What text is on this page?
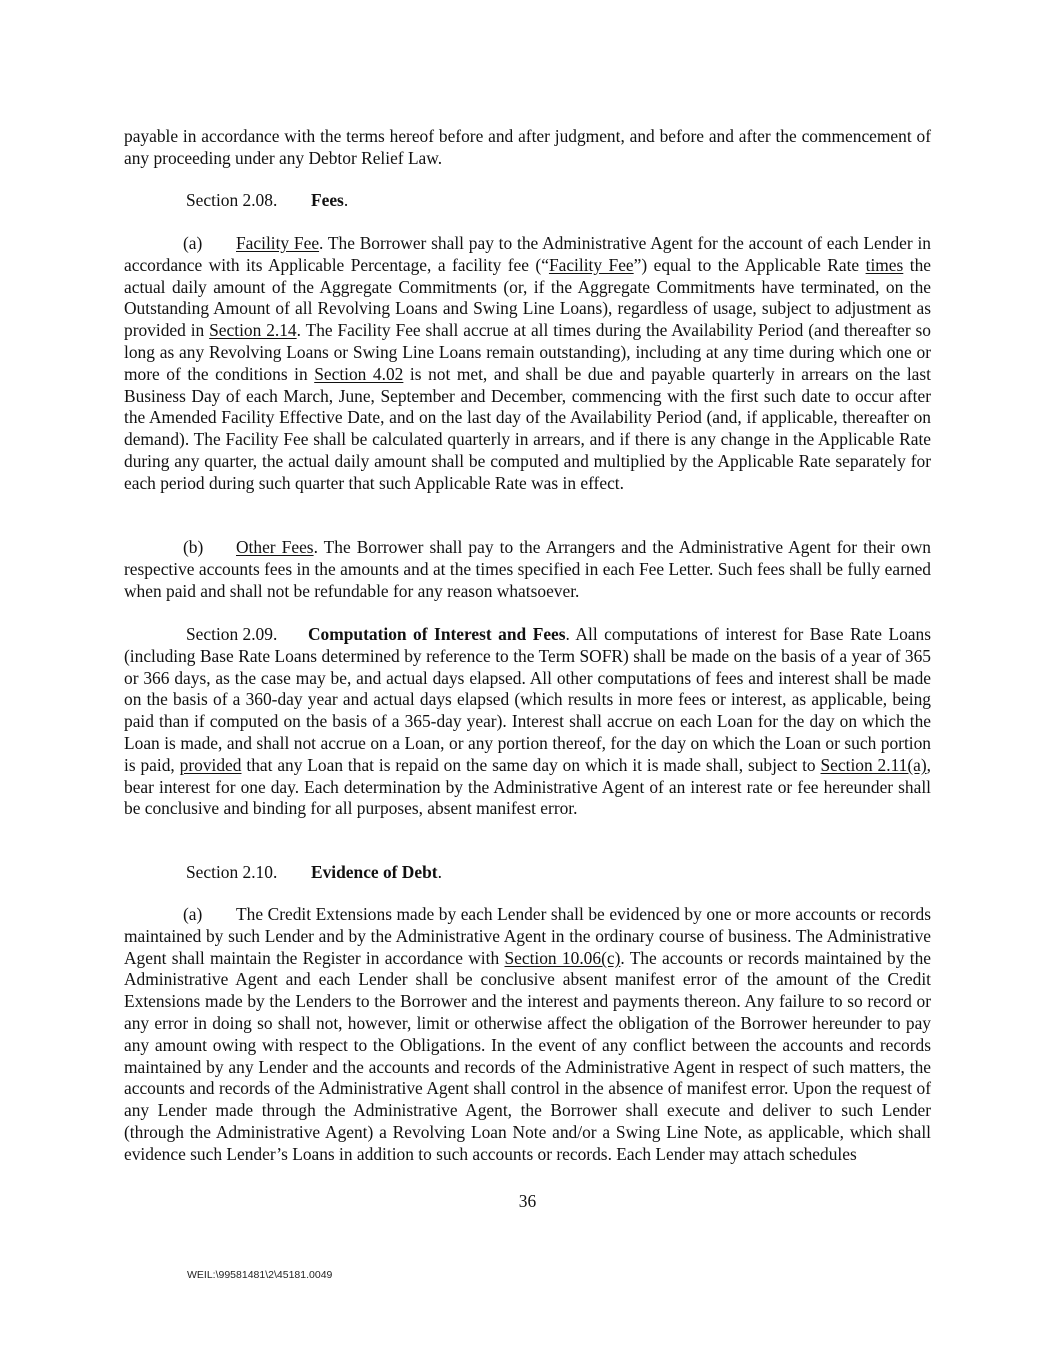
payable in accordance with the terms hereof before and after judgment, and before and after the commencement of any proceeding under any Debtor Relief Law.

Section 2.08. Fees.

(a) Facility Fee. The Borrower shall pay to the Administrative Agent for the account of each Lender in accordance with its Applicable Percentage, a facility fee (“Facility Fee”) equal to the Applicable Rate times the actual daily amount of the Aggregate Commitments (or, if the Aggregate Commitments have terminated, on the Outstanding Amount of all Revolving Loans and Swing Line Loans), regardless of usage, subject to adjustment as provided in Section 2.14. The Facility Fee shall accrue at all times during the Availability Period (and thereafter so long as any Revolving Loans or Swing Line Loans remain outstanding), including at any time during which one or more of the conditions in Section 4.02 is not met, and shall be due and payable quarterly in arrears on the last Business Day of each March, June, September and December, commencing with the first such date to occur after the Amended Facility Effective Date, and on the last day of the Availability Period (and, if applicable, thereafter on demand). The Facility Fee shall be calculated quarterly in arrears, and if there is any change in the Applicable Rate during any quarter, the actual daily amount shall be computed and multiplied by the Applicable Rate separately for each period during such quarter that such Applicable Rate was in effect.

(b) Other Fees. The Borrower shall pay to the Arrangers and the Administrative Agent for their own respective accounts fees in the amounts and at the times specified in each Fee Letter. Such fees shall be fully earned when paid and shall not be refundable for any reason whatsoever.

Section 2.09. Computation of Interest and Fees. All computations of interest for Base Rate Loans (including Base Rate Loans determined by reference to the Term SOFR) shall be made on the basis of a year of 365 or 366 days, as the case may be, and actual days elapsed. All other computations of fees and interest shall be made on the basis of a 360-day year and actual days elapsed (which results in more fees or interest, as applicable, being paid than if computed on the basis of a 365-day year). Interest shall accrue on each Loan for the day on which the Loan is made, and shall not accrue on a Loan, or any portion thereof, for the day on which the Loan or such portion is paid, provided that any Loan that is repaid on the same day on which it is made shall, subject to Section 2.11(a), bear interest for one day. Each determination by the Administrative Agent of an interest rate or fee hereunder shall be conclusive and binding for all purposes, absent manifest error.

Section 2.10. Evidence of Debt.

(a) The Credit Extensions made by each Lender shall be evidenced by one or more accounts or records maintained by such Lender and by the Administrative Agent in the ordinary course of business. The Administrative Agent shall maintain the Register in accordance with Section 10.06(c). The accounts or records maintained by the Administrative Agent and each Lender shall be conclusive absent manifest error of the amount of the Credit Extensions made by the Lenders to the Borrower and the interest and payments thereon. Any failure to so record or any error in doing so shall not, however, limit or otherwise affect the obligation of the Borrower hereunder to pay any amount owing with respect to the Obligations. In the event of any conflict between the accounts and records maintained by any Lender and the accounts and records of the Administrative Agent in respect of such matters, the accounts and records of the Administrative Agent shall control in the absence of manifest error. Upon the request of any Lender made through the Administrative Agent, the Borrower shall execute and deliver to such Lender (through the Administrative Agent) a Revolving Loan Note and/or a Swing Line Note, as applicable, which shall evidence such Lender’s Loans in addition to such accounts or records. Each Lender may attach schedules

36

WEIL:\99581481\2\45181.0049
